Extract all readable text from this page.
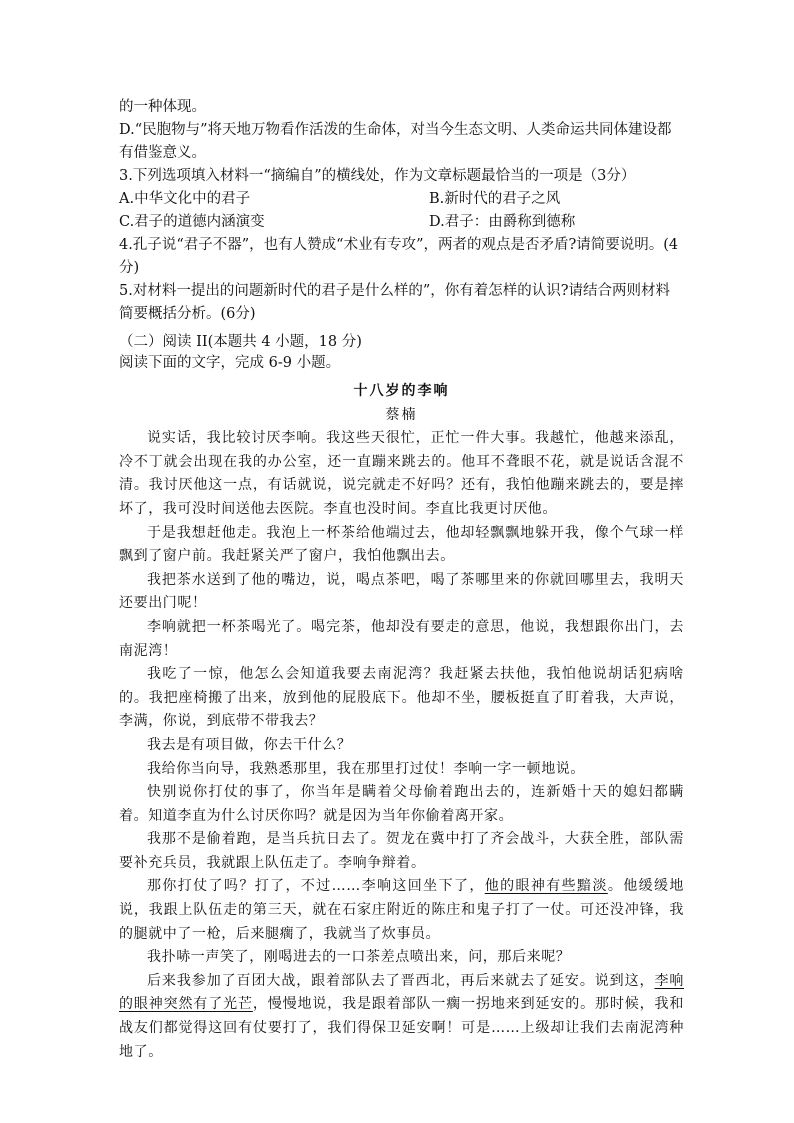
的一种体现。

D.“民胞物与”将天地万物看作活泼的生命体，对当今生态文明、人类命运共同体建设都有借鉴意义。

3.下列选项填入材料一“摘编自”的横线处，作为文章标题最恰当的一项是（3分）

A.中华文化中的君子	B.新时代的君子之风
C.君子的道德内涵演变	D.君子：由爵称到德称

4.孔子说“君子不器”，也有人赞成“术业有专攻”，两者的观点是否矛盾?请简要说明。(4分)

5.对材料一提出的问题新时代的君子是什么样的”，你有着怎样的认识?请结合两则材料简要概括分析。(6分)

（二）阅读 II(本题共 4 小题，18 分)

阅读下面的文字，完成 6-9 小题。

十八岁的李响

蔡楠

说实话，我比较讨厌李响。我这些天很忙，正忙一件大事。我越忙，他越来添乱，冷不丁就会出现在我的办公室，还一直蹦来跳去的。他耳不聋眼不花，就是说话含混不清。我讨厌他这一点，有话就说，说完就走不好吗？还有，我怕他蹦来跳去的，要是摔坏了，我可没时间送他去医院。李直也没时间。李直比我更讨厌他。

于是我想赶他走。我泡上一杯茶给他端过去，他却轻飘飘地躲开我，像个气球一样飘到了窗户前。我赶紧关严了窗户，我怕他飘出去。

我把茶水送到了他的嘴边，说，喝点茶吧，喝了茶哪里来的你就回哪里去，我明天还要出门呢！

李响就把一杯茶喝光了。喝完茶，他却没有要走的意思，他说，我想跟你出门，去南泥湾！

我吃了一惊，他怎么会知道我要去南泥湾？我赶紧去扶他，我怕他说胡话犯病啥的。我把座椅搬了出来，放到他的屁股底下。他却不坐，腰板挺直了盯着我，大声说，李满，你说，到底带不带我去？

我去是有项目做，你去干什么？

我给你当向导，我熟悉那里，我在那里打过仗！李响一字一顿地说。

快别说你打仗的事了，你当年是瞒着父母偷着跑出去的，连新婚十天的媳妇都瞒着。知道李直为什么讨厌你吗？就是因为当年你偷着离开家。

我那不是偷着跑，是当兵抗日去了。贺龙在冀中打了齐会战斗，大获全胜，部队需要补充兵员，我就跟上队伍走了。李响争辩着。

那你打仗了吗？打了，不过……李响这回坐下了，他的眼神有些黯淡。他缓缓地说，我跟上队伍走的第三天，就在石家庄附近的陈庄和鬼子打了一仗。可还没冲锋，我的腿就中了一枪，后来腿瘸了，我就当了炊事员。

我扑哧一声笑了，刚喝进去的一口茶差点喷出来，问，那后来呢？

后来我参加了百团大战，跟着部队去了晋西北，再后来就去了延安。说到这，李响的眼神突然有了光芒，慢慢地说，我是跟着部队一瘸一拐地来到延安的。那时候，我和战友们都觉得这回有仗要打了，我们得保卫延安啊！可是……上级却让我们去南泥湾种地了。
